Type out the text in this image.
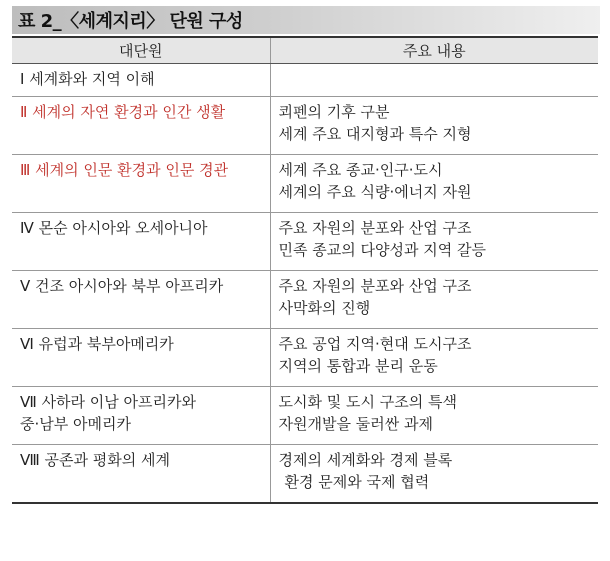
표 2_〈세계지리〉 단원 구성
대단원	주요 내용

Ⅰ 세계화와 지역 이해	

Ⅱ 세계의 자연 환경과 인간 생활	쾨펜의 기후 구분
세계 주요 대지형과 특수 지형

Ⅲ 세계의 인문 환경과 인문 경관	세계 주요 종교·인구·도시
세계의 주요 식량·에너지 자원

Ⅳ 몬순 아시아와 오세아니아	주요 자원의 분포와 산업 구조
민족 종교의 다양성과 지역 갈등

Ⅴ 건조 아시아와 북부 아프리카	주요 자원의 분포와 산업 구조
사막화의 진행

Ⅵ 유럽과 북부아메리카	주요 공업 지역·현대 도시구조
지역의 통합과 분리 운동

Ⅶ 사하라 이남 아프리카와
중·남부 아메리카	도시화 및 도시 구조의 특색
자원개발을 둘러싼 과제

Ⅷ 공존과 평화의 세계	경제의 세계화와 경제 블록
환경 문제와 국제 협력
